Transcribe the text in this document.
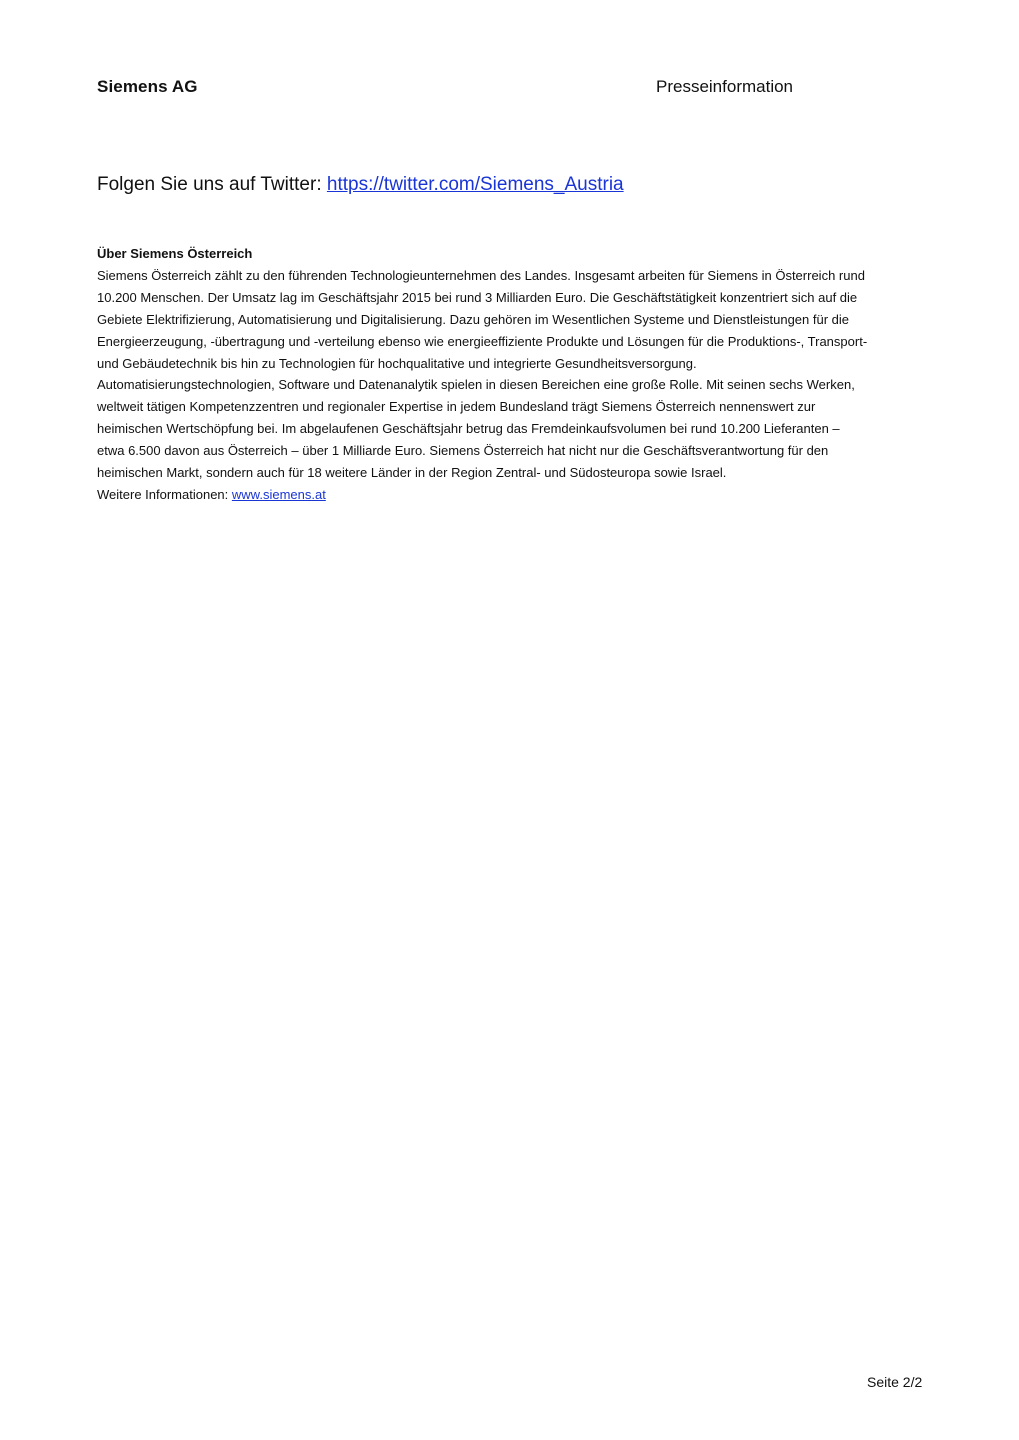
Siemens AG	Presseinformation
Folgen Sie uns auf Twitter: https://twitter.com/Siemens_Austria
Über Siemens Österreich
Siemens Österreich zählt zu den führenden Technologieunternehmen des Landes. Insgesamt arbeiten für Siemens in Österreich rund
10.200 Menschen. Der Umsatz lag im Geschäftsjahr 2015 bei rund 3 Milliarden Euro. Die Geschäftstätigkeit konzentriert sich auf die
Gebiete Elektrifizierung, Automatisierung und Digitalisierung. Dazu gehören im Wesentlichen Systeme und Dienstleistungen für die
Energieerzeugung, -übertragung und -verteilung ebenso wie energieeffiziente Produkte und Lösungen für die Produktions-, Transport-
und Gebäudetechnik bis hin zu Technologien für hochqualitative und integrierte Gesundheitsversorgung.
Automatisierungstechnologien, Software und Datenanalytik spielen in diesen Bereichen eine große Rolle. Mit seinen sechs Werken,
weltweit tätigen Kompetenzzentren und regionaler Expertise in jedem Bundesland trägt Siemens Österreich nennenswert zur
heimischen Wertschöpfung bei. Im abgelaufenen Geschäftsjahr betrug das Fremdeinkaufsvolumen bei rund 10.200 Lieferanten –
etwa 6.500 davon aus Österreich – über 1 Milliarde Euro. Siemens Österreich hat nicht nur die Geschäftsverantwortung für den
heimischen Markt, sondern auch für 18 weitere Länder in der Region Zentral- und Südosteuropa sowie Israel.
Weitere Informationen: www.siemens.at
Seite 2/2
